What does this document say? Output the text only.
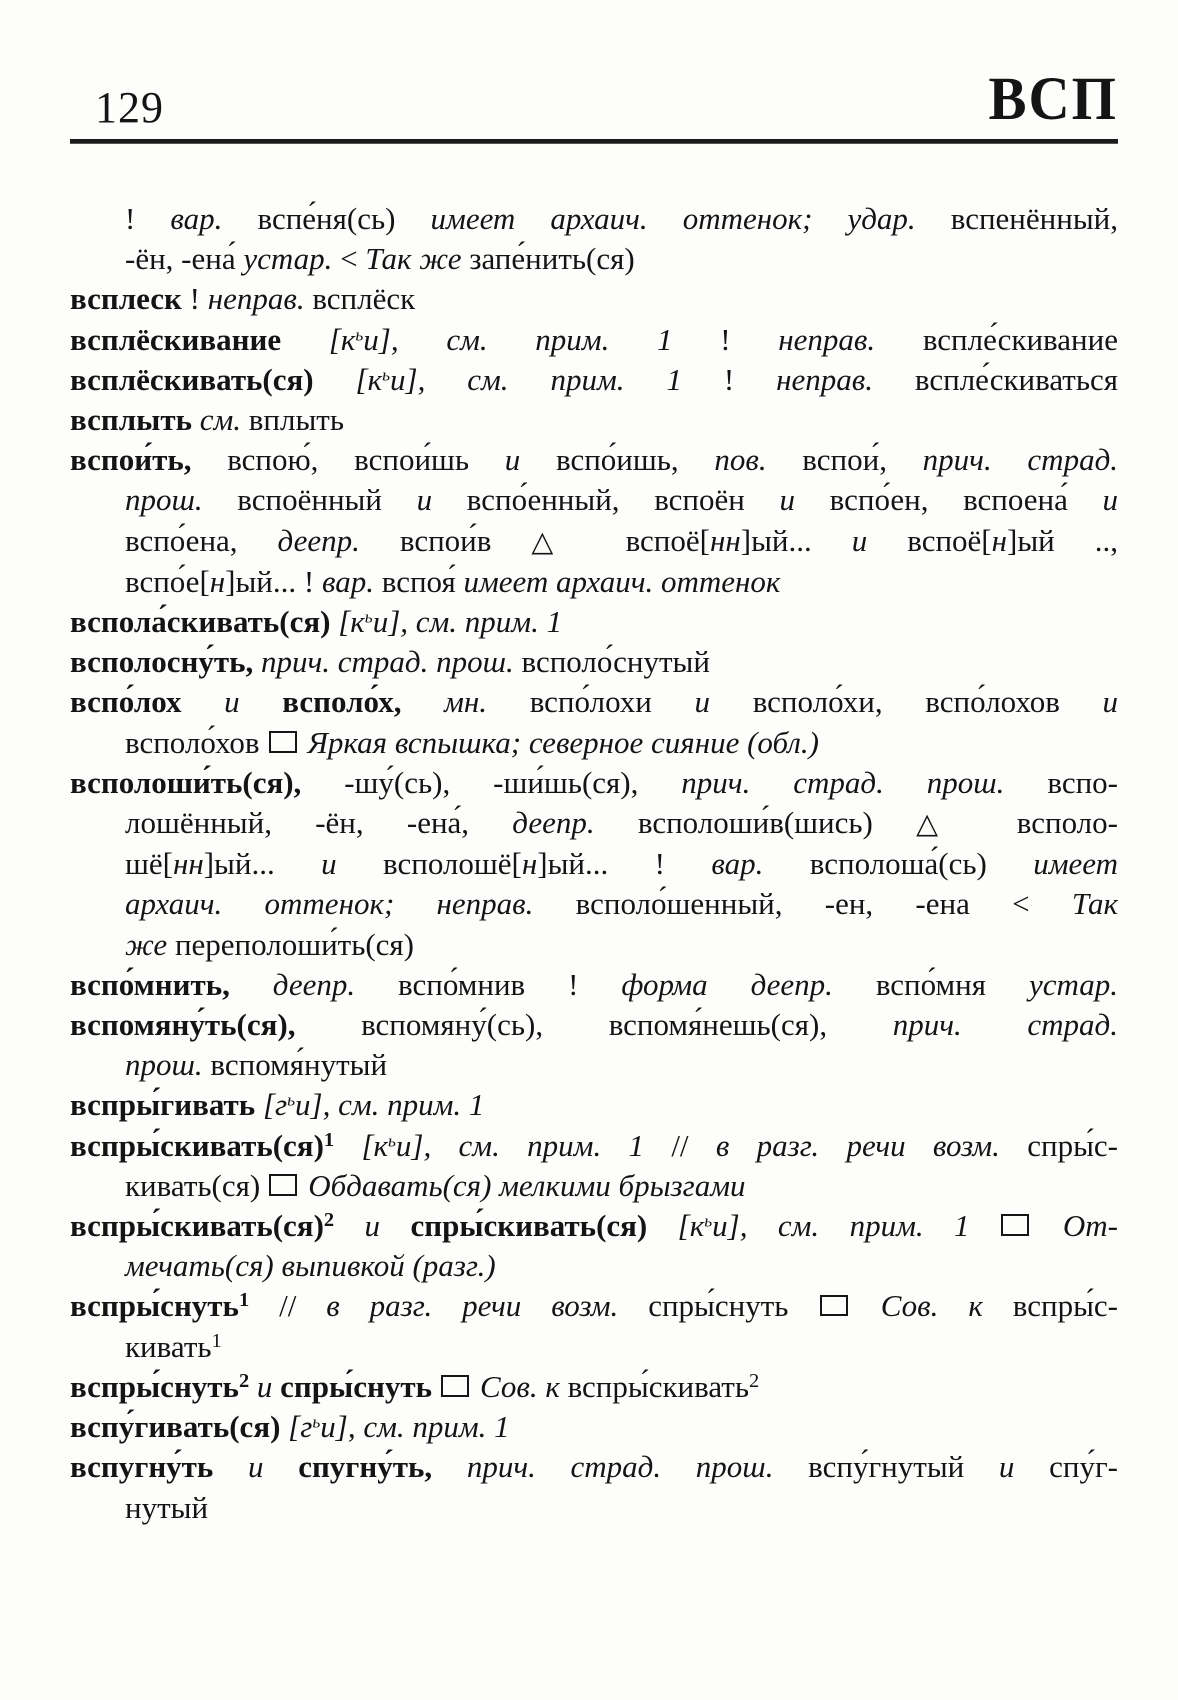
129	ВСП
! вар. вспе́ня(сь) имеет архаич. оттенок; удар. вспенённый,
-ён, -ена́ устар. < Так же запе́нить(ся)
всплеск ! неправ. всплёск
всплёскивание $[к^ьи]$, см. прим. 1 ! неправ. вспле́скивание
всплёскивать(ся) $[к^ьи]$, см. прим. 1 ! неправ. вспле́скиваться
всплыть см. вплыть
вспои́ть, вспою́, вспои́шь и вспо́ишь, пов. вспои́, прич. страд.
прош. вспоённый и вспо́енный, вспоён и вспо́ен, вспоена́ и
вспо́ена, деепр. вспои́в △ вспоё[нн]ый... и вспоё[н]ый ..,
вспо́е[н]ый... ! вар. вспоя́ имеет архаич. оттенок
вспола́скивать(ся) $[к^ьи]$, см. прим. 1
всполосну́ть, прич. страд. прош. всполо́снутый
вспо́лох и всполо́х, мн. вспо́лохи и всполо́хи, вспо́лохов и
всполо́хов  Яркая вспышка; северное сияние (обл.)
всполоши́ть(ся), -шу́(сь), -ши́шь(ся), прич. страд. прош. вспо-
лошённый, -ён, -ена́, деепр. всполоши́в(шись) △ всполо-
шё[нн]ый... и всполошё[н]ый... ! вар. всполоша́(сь) имеет
архаич. оттенок; неправ. всполо́шенный, -ен, -ена < Так
же переполоши́ть(ся)
вспо́мнить, деепр. вспо́мнив ! форма деепр. вспо́мня устар.
вспомяну́ть(ся), вспомяну́(сь), вспомя́нешь(ся), прич. страд.
прош. вспомя́нутый
вспры́гивать $[г^ьи]$, см. прим. 1
вспры́скивать(ся)$^1$ $[к^ьи]$, см. прим. 1 // в разг. речи возм. спры́с-
кивать(ся)  Обдавать(ся) мелкими брызгами
вспры́скивать(ся)$^2$ и спры́скивать(ся) $[к^ьи]$, см. прим. 1  От-
мечать(ся) выпивкой (разг.)
вспры́снуть$^1$ // в разг. речи возм. спры́снуть  Сов. к вспры́с-
кивать$^1$
вспры́снуть$^2$ и спры́снуть  Сов. к вспры́скивать$^2$
вспу́гивать(ся) $[г^ьи]$, см. прим. 1
вспугну́ть и спугну́ть, прич. страд. прош. вспу́гнутый и спу́г-
нутый
